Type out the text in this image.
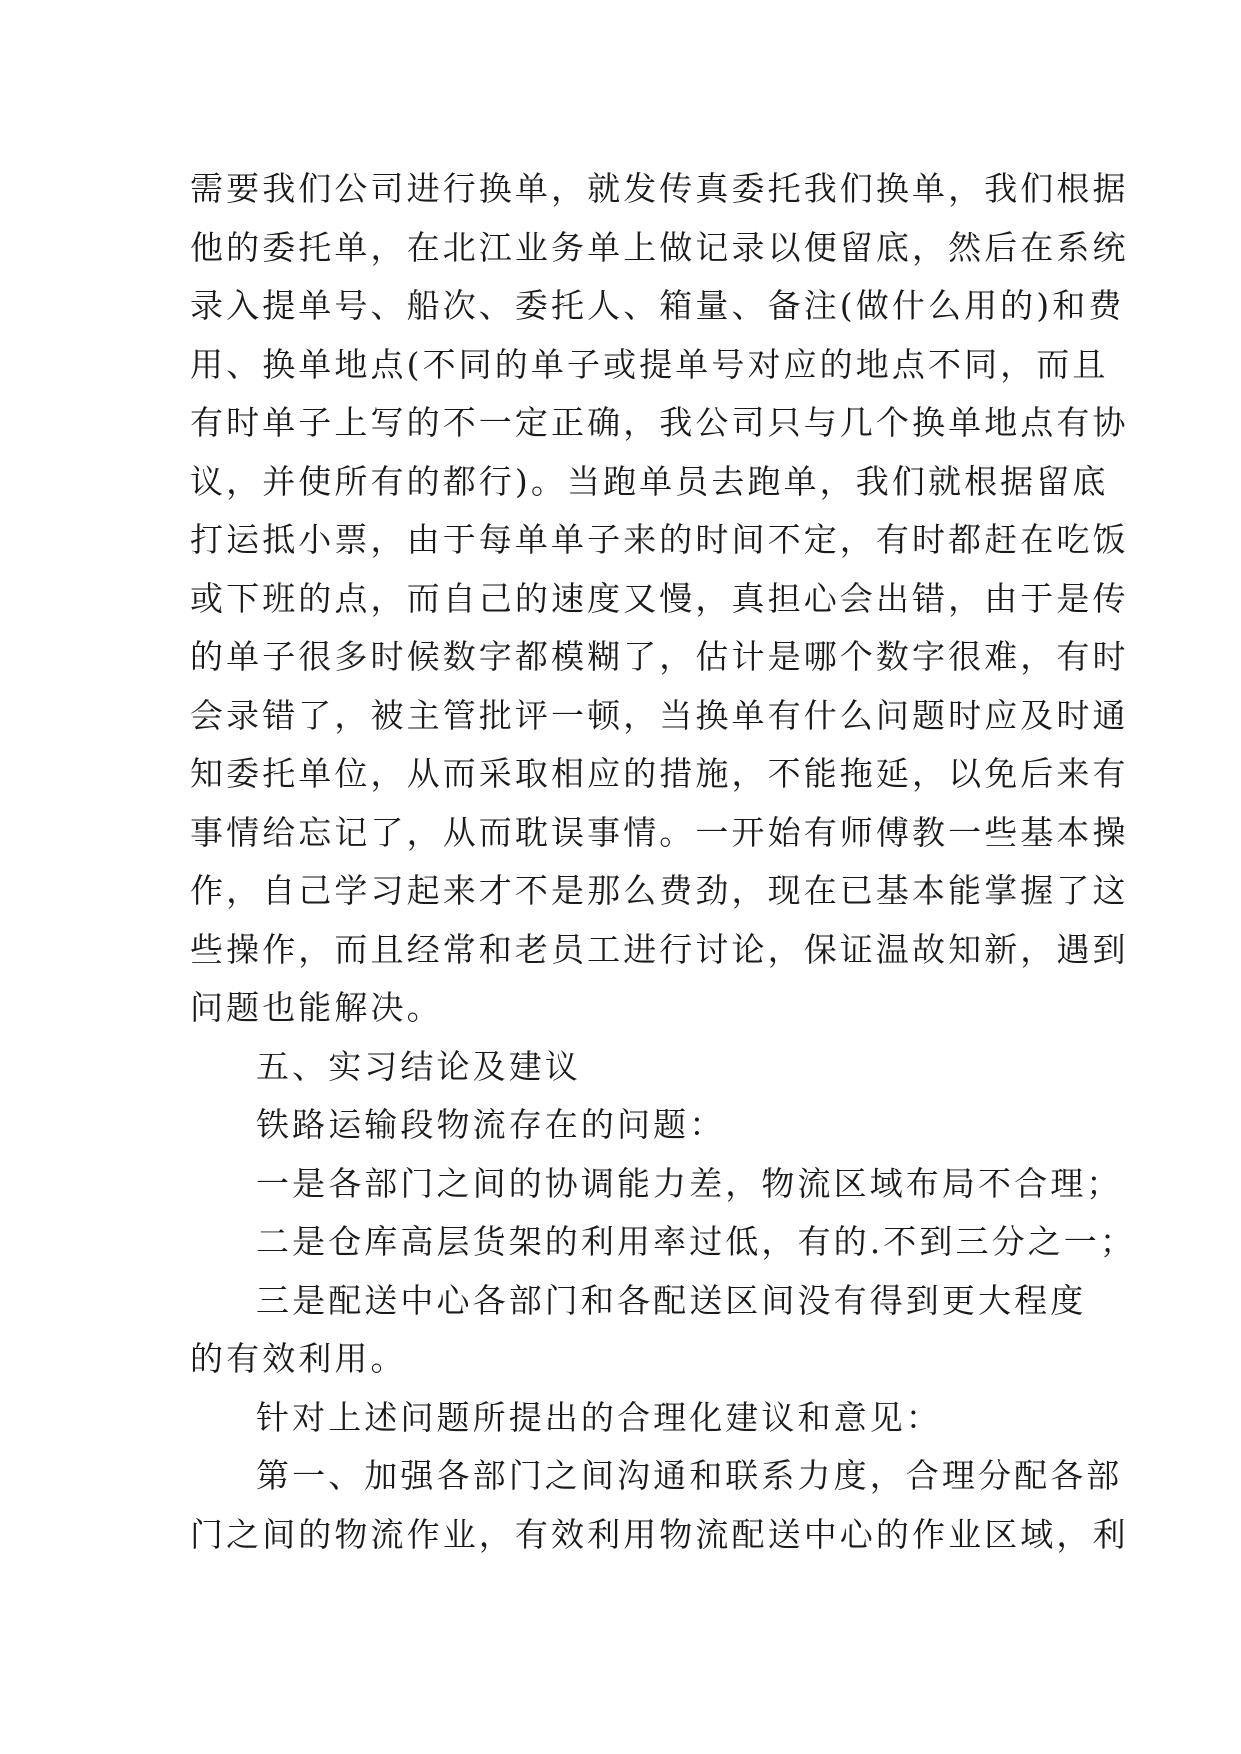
需要我们公司进行换单，就发传真委托我们换单，我们根据
他的委托单，在北江业务单上做记录以便留底，然后在系统
录入提单号、船次、委托人、箱量、备注(做什么用的)和费
用、换单地点(不同的单子或提单号对应的地点不同，而且
有时单子上写的不一定正确，我公司只与几个换单地点有协
议，并使所有的都行)。当跑单员去跑单，我们就根据留底
打运抵小票，由于每单单子来的时间不定，有时都赶在吃饭
或下班的点，而自己的速度又慢，真担心会出错，由于是传
的单子很多时候数字都模糊了，估计是哪个数字很难，有时
会录错了，被主管批评一顿，当换单有什么问题时应及时通
知委托单位，从而采取相应的措施，不能拖延，以免后来有
事情给忘记了，从而耽误事情。一开始有师傅教一些基本操
作，自己学习起来才不是那么费劲，现在已基本能掌握了这
些操作，而且经常和老员工进行讨论，保证温故知新，遇到
问题也能解决。
五、实习结论及建议
铁路运输段物流存在的问题：
一是各部门之间的协调能力差，物流区域布局不合理；
二是仓库高层货架的利用率过低，有的.不到三分之一；
三是配送中心各部门和各配送区间没有得到更大程度
的有效利用。
针对上述问题所提出的合理化建议和意见：
第一、加强各部门之间沟通和联系力度，合理分配各部
门之间的物流作业，有效利用物流配送中心的作业区域，利
